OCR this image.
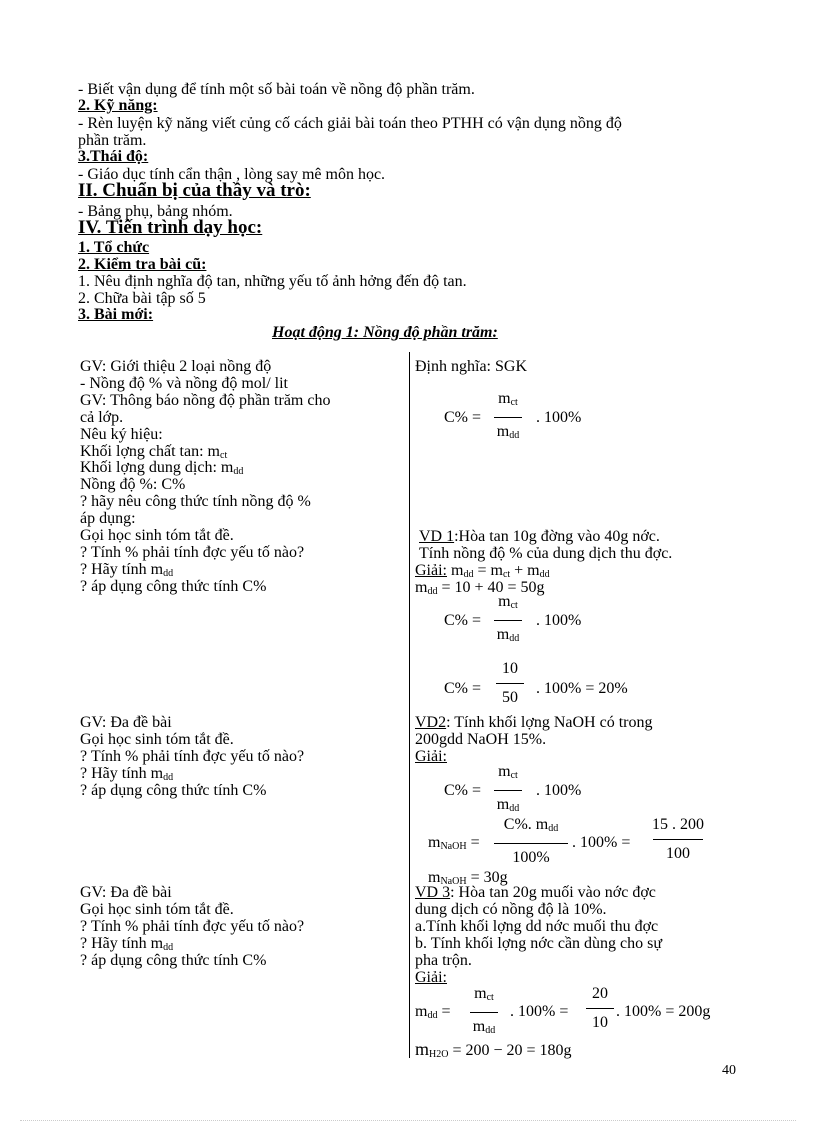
- Biết vận dụng để tính một số bài toán về nồng độ phần trăm.
2. Kỹ năng:
- Rèn luyện kỹ năng viết củng cố cách giải bài toán theo PTHH có vận dụng nồng độ
phần trăm.
3.Thái độ:
- Giáo dục tính cẩn thận , lòng say mê môn học.
II. Chuẩn bị của thầy và trò:
- Bảng phụ, bảng nhóm.
IV. Tiến trình dạy học:
1. Tổ chức
2. Kiểm tra bài cũ:
1. Nêu định nghĩa độ tan, những yếu tố ảnh hởng đến độ tan.
2. Chữa bài tập số 5
3. Bài mới:
Hoạt động 1: Nồng độ phần trăm:
GV: Giới thiệu 2 loại nồng độ
- Nồng độ % và nồng độ mol/ lit
GV: Thông báo nồng độ phần trăm cho
cả lớp.
Nêu ký hiệu:
Khối lợng chất tan: $m_{ct}$
Khối lợng dung dịch: $m_{dd}$
Nồng độ %: C%
? hãy nêu công thức tính nồng độ %
áp dụng:
Gọi học sinh tóm tắt đề.
? Tính % phải tính đợc yếu tố nào?
? Hãy tính $m_{dd}$
? áp dụng công thức tính C%
GV: Đa đề bài
Gọi học sinh tóm tắt đề.
? Tính % phải tính đợc yếu tố nào?
? Hãy tính $m_{dd}$
? áp dụng công thức tính C%
GV: Đa đề bài
Gọi học sinh tóm tắt đề.
? Tính % phải tính đợc yếu tố nào?
? Hãy tính $m_{dd}$
? áp dụng công thức tính C%
Định nghĩa: SGK
C% =
$m_{ct}$
$m_{dd}$
. 100%
VD 1:Hòa tan 10g đờng vào 40g nớc.
Tính nồng độ % của dung dịch thu đợc.
Giải: $m_{dd} = m_{ct} + m_{dd}$
$m_{dd} = 10 + 40 = 50g$
C% =
$m_{ct}$
$m_{dd}$
. 100%
C% =
10
50
. 100% = 20%
VD2: Tính khối lợng NaOH có trong
200gdd NaOH 15%.
Giải:
C% =
$m_{ct}$
$m_{dd}$
. 100%
$m_{NaOH}$ =
C%. $m_{dd}$
100%
. 100% =
15 . 200
100
$m_{NaOH} = 30g$
VD 3: Hòa tan 20g muối vào nớc đợc
dung dịch có nồng độ là 10%.
a.Tính khối lợng dd nớc muối thu đợc
b. Tính khối lợng nớc cần dùng cho sự
pha trộn.
Giải:
$m_{dd}$ =
$m_{ct}$
$m_{dd}$
. 100% =
20
10
. 100% = 200g
$m_{H2O} = 200 - 20 = 180g$
40
